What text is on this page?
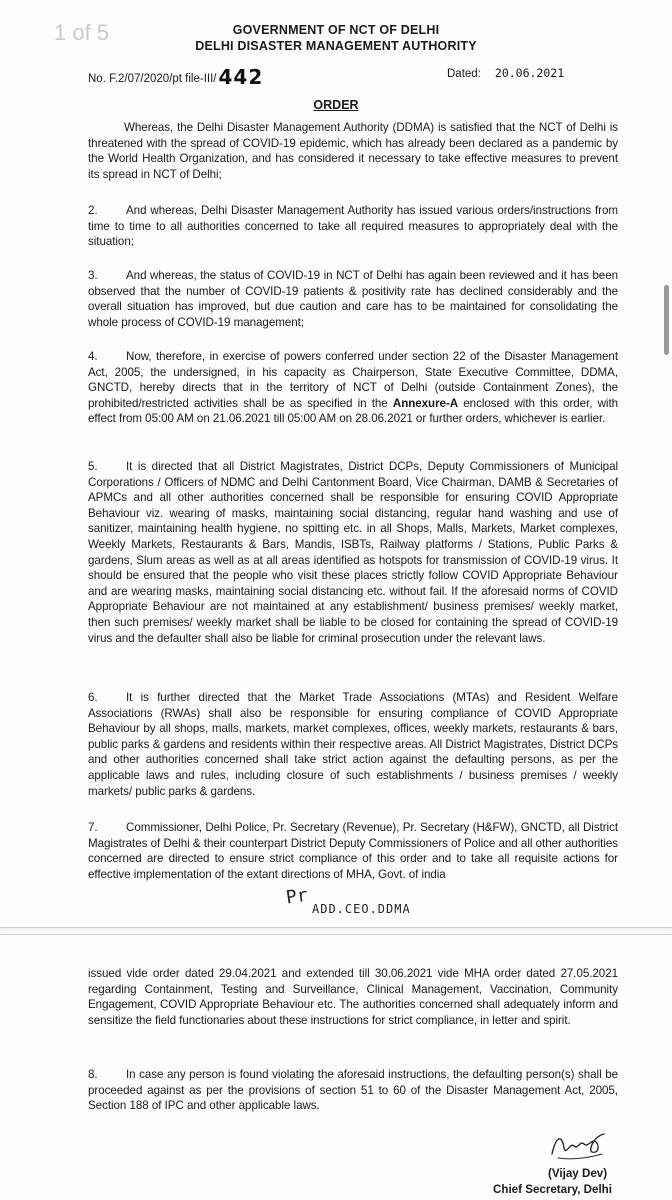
1 of 5	GOVERNMENT OF NCT OF DELHI
DELHI DISASTER MANAGEMENT AUTHORITY
No. F.2/07/2020/pt file-III/ 442	Dated: 20.06.2021
ORDER
Whereas, the Delhi Disaster Management Authority (DDMA) is satisfied that the NCT of Delhi is threatened with the spread of COVID-19 epidemic, which has already been declared as a pandemic by the World Health Organization, and has considered it necessary to take effective measures to prevent its spread in NCT of Delhi;
2. And whereas, Delhi Disaster Management Authority has issued various orders/instructions from time to time to all authorities concerned to take all required measures to appropriately deal with the situation;
3. And whereas, the status of COVID-19 in NCT of Delhi has again been reviewed and it has been observed that the number of COVID-19 patients & positivity rate has declined considerably and the overall situation has improved, but due caution and care has to be maintained for consolidating the whole process of COVID-19 management;
4. Now, therefore, in exercise of powers conferred under section 22 of the Disaster Management Act, 2005, the undersigned, in his capacity as Chairperson, State Executive Committee, DDMA, GNCTD, hereby directs that in the territory of NCT of Delhi (outside Containment Zones), the prohibited/restricted activities shall be as specified in the Annexure-A enclosed with this order, with effect from 05:00 AM on 21.06.2021 till 05:00 AM on 28.06.2021 or further orders, whichever is earlier.
5. It is directed that all District Magistrates, District DCPs, Deputy Commissioners of Municipal Corporations / Officers of NDMC and Delhi Cantonment Board, Vice Chairman, DAMB & Secretaries of APMCs and all other authorities concerned shall be responsible for ensuring COVID Appropriate Behaviour viz. wearing of masks, maintaining social distancing, regular hand washing and use of sanitizer, maintaining health hygiene, no spitting etc. in all Shops, Malls, Markets, Market complexes, Weekly Markets, Restaurants & Bars, Mandis, ISBTs, Railway platforms / Stations, Public Parks & gardens, Slum areas as well as at all areas identified as hotspots for transmission of COVID-19 virus. It should be ensured that the people who visit these places strictly follow COVID Appropriate Behaviour and are wearing masks, maintaining social distancing etc. without fail. If the aforesaid norms of COVID Appropriate Behaviour are not maintained at any establishment/ business premises/ weekly market, then such premises/ weekly market shall be liable to be closed for containing the spread of COVID-19 virus and the defaulter shall also be liable for criminal prosecution under the relevant laws.
6. It is further directed that the Market Trade Associations (MTAs) and Resident Welfare Associations (RWAs) shall also be responsible for ensuring compliance of COVID Appropriate Behaviour by all shops, malls, markets, market complexes, offices, weekly markets, restaurants & bars, public parks & gardens and residents within their respective areas. All District Magistrates, District DCPs and other authorities concerned shall take strict action against the defaulting persons, as per the applicable laws and rules, including closure of such establishments / business premises / weekly markets/ public parks & gardens.
7. Commissioner, Delhi Police, Pr. Secretary (Revenue), Pr. Secretary (H&FW), GNCTD, all District Magistrates of Delhi & their counterpart District Deputy Commissioners of Police and all other authorities concerned are directed to ensure strict compliance of this order and to take all requisite actions for effective implementation of the extant directions of MHA, Govt. of india
Pr
ADD.CEO.DDMA
issued vide order dated 29.04.2021 and extended till 30.06.2021 vide MHA order dated 27.05.2021 regarding Containment, Testing and Surveillance, Clinical Management, Vaccination, Community Engagement, COVID Appropriate Behaviour etc. The authorities concerned shall adequately inform and sensitize the field functionaries about these instructions for strict compliance, in letter and spirit.
8. In case any person is found violating the aforesaid instructions, the defaulting person(s) shall be proceeded against as per the provisions of section 51 to 60 of the Disaster Management Act, 2005, Section 188 of IPC and other applicable laws.
(Vijay Dev)
Chief Secretary, Delhi
